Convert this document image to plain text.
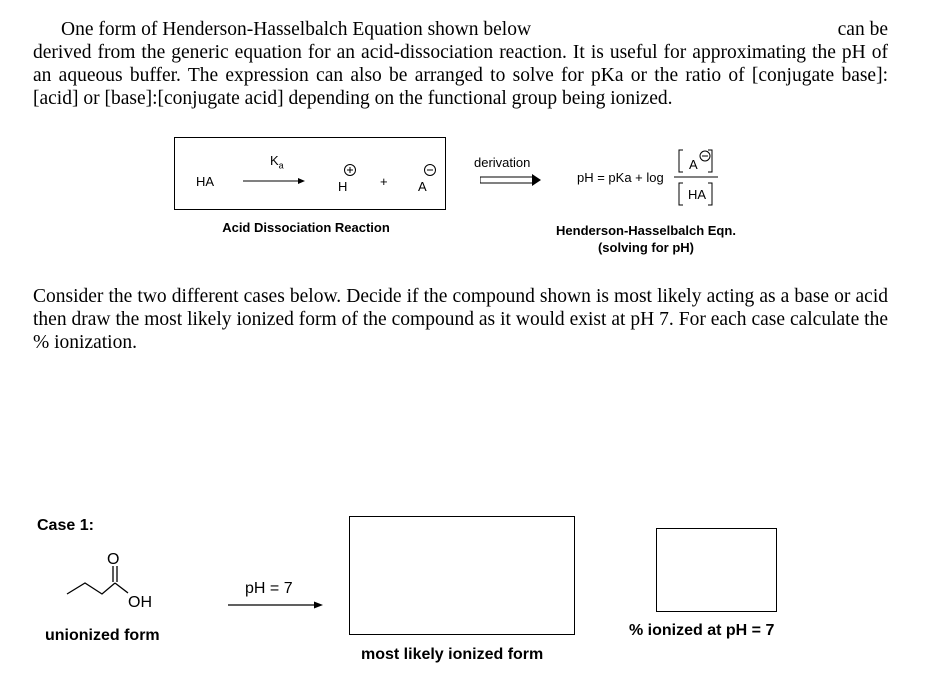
One form of Henderson-Hasselbalch Equation shown below	can be
derived from the generic equation for an acid-dissociation reaction. It is useful for approximating the pH of an aqueous buffer. The expression can also be arranged to solve for pKa or the ratio of [conjugate base]:[acid] or [base]:[conjugate acid] depending on the functional group being ionized.
HA
$K_a$
H	+ A
Acid Dissociation Reaction
derivation
pH = pKa + log
A
HA
Henderson-Hasselbalch Eqn.
(solving for pH)
Consider the two different cases below. Decide if the compound shown is most likely acting as a base or acid then draw the most likely ionized form of the compound as it would exist at pH 7. For each case calculate the % ionization.
Case 1:
O
OH
unionized form
pH = 7
most likely ionized form
% ionized at pH = 7
